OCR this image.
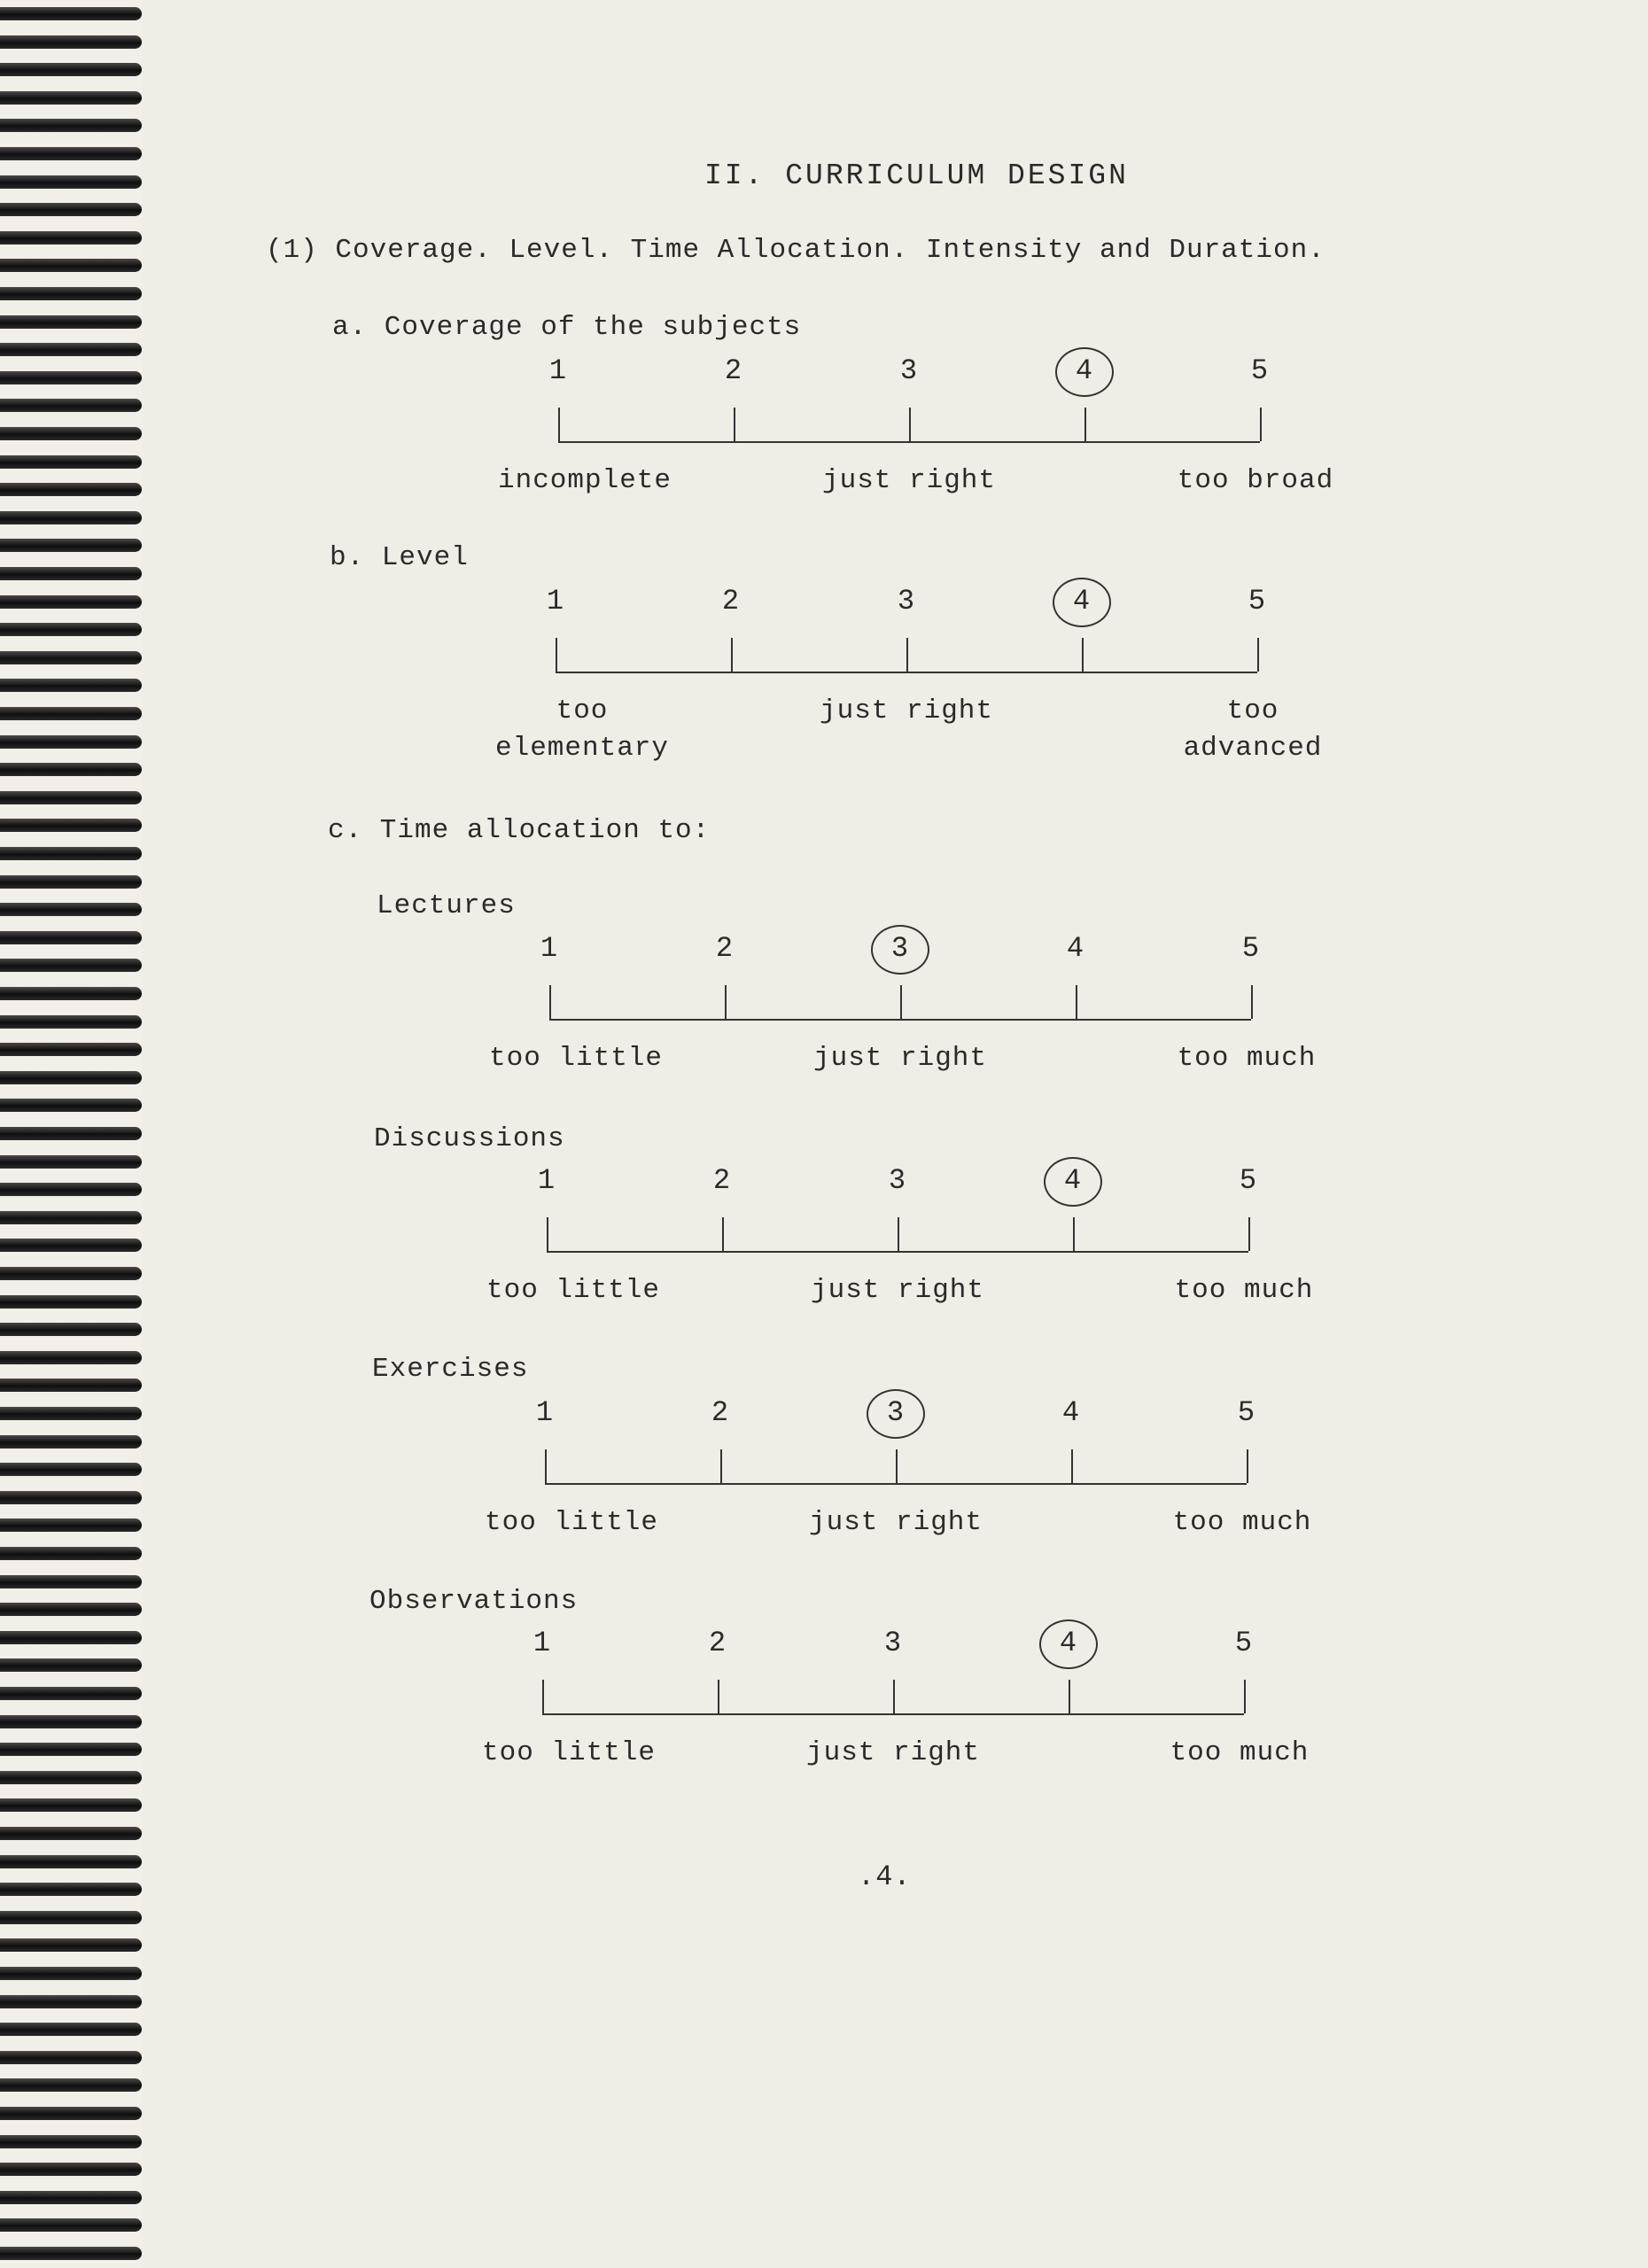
II. CURRICULUM DESIGN
(1) Coverage. Level. Time Allocation. Intensity and Duration.
a. Coverage of the subjects
b. Level
c. Time allocation to:
Lectures
Discussions
Exercises
Observations
.4.
1	2	3	4	5
incomplete	just right	too broad
1	2	3	4	5
too
elementary
just right	too
advanced
1	2	3	4	5
too little	just right	too much
1	2	3	4	5
too little	just right	too much
1	2	3	4	5
too little	just right	too much
1	2	3	4	5
too little	just right	too much
